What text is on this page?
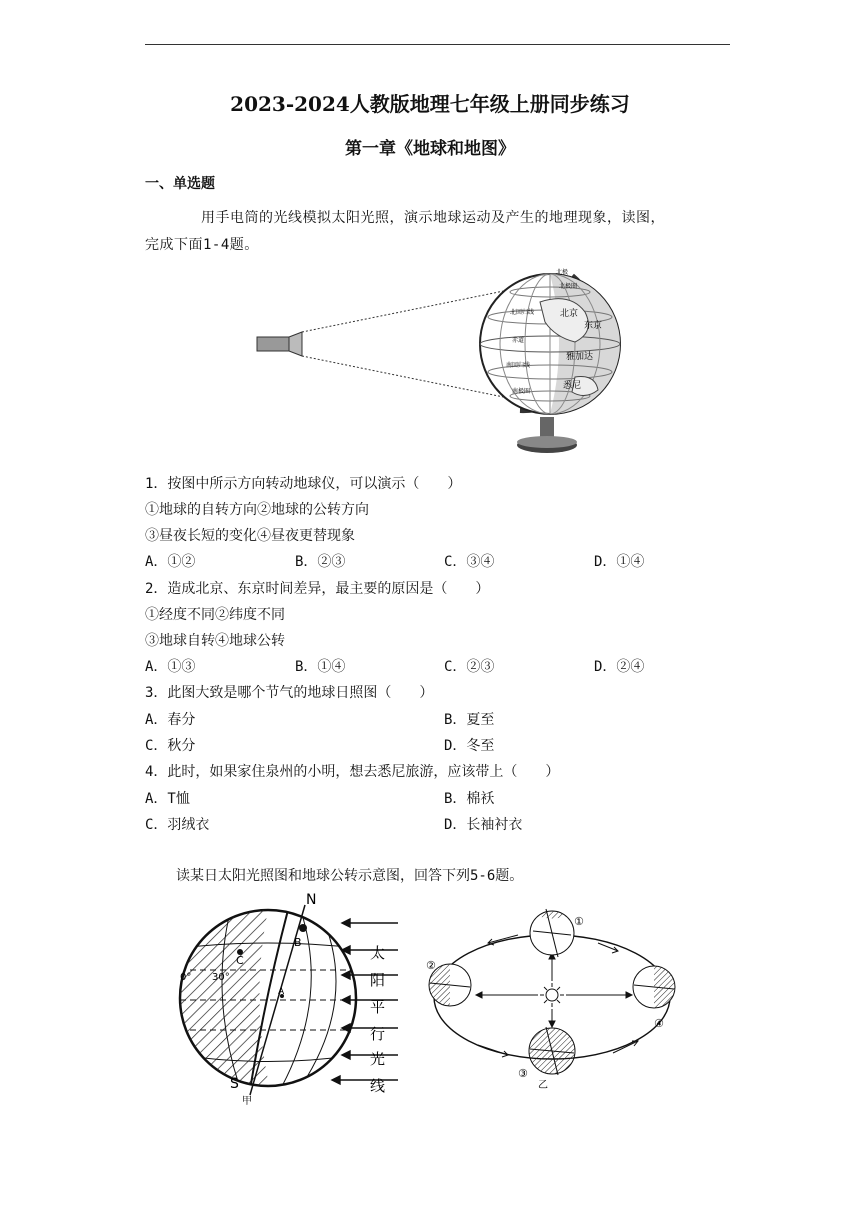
2023-2024人教版地理七年级上册同步练习
第一章《地球和地图》
一、单选题
用手电筒的光线模拟太阳光照，演示地球运动及产生的地理现象，读图，
完成下面1-4题。
北极
北极圈
北回归线
赤道
南回归线
南极圈
北京
东京
雅加达
悉尼
1．按图中所示方向转动地球仪，可以演示（　　）
①地球的自转方向②地球的公转方向
③昼夜长短的变化④昼夜更替现象
A．①②	B．②③	C．③④	D．①④
2．造成北京、东京时间差异，最主要的原因是（　　）
①经度不同②纬度不同
③地球自转④地球公转
A．①③	B．①④	C．②③	D．②④
3．此图大致是哪个节气的地球日照图（　　）
A．春分	B．夏至
C．秋分	D．冬至
4．此时，如果家住泉州的小明，想去悉尼旅游，应该带上（　　）
A．T恤	B．棉袄
C．羽绒衣	D．长袖衬衣
读某日太阳光照图和地球公转示意图，回答下列5-6题。
N
S
B
C
A
0° 30°
甲
太
阳
平
行
光
线
①
②
③
④
乙
